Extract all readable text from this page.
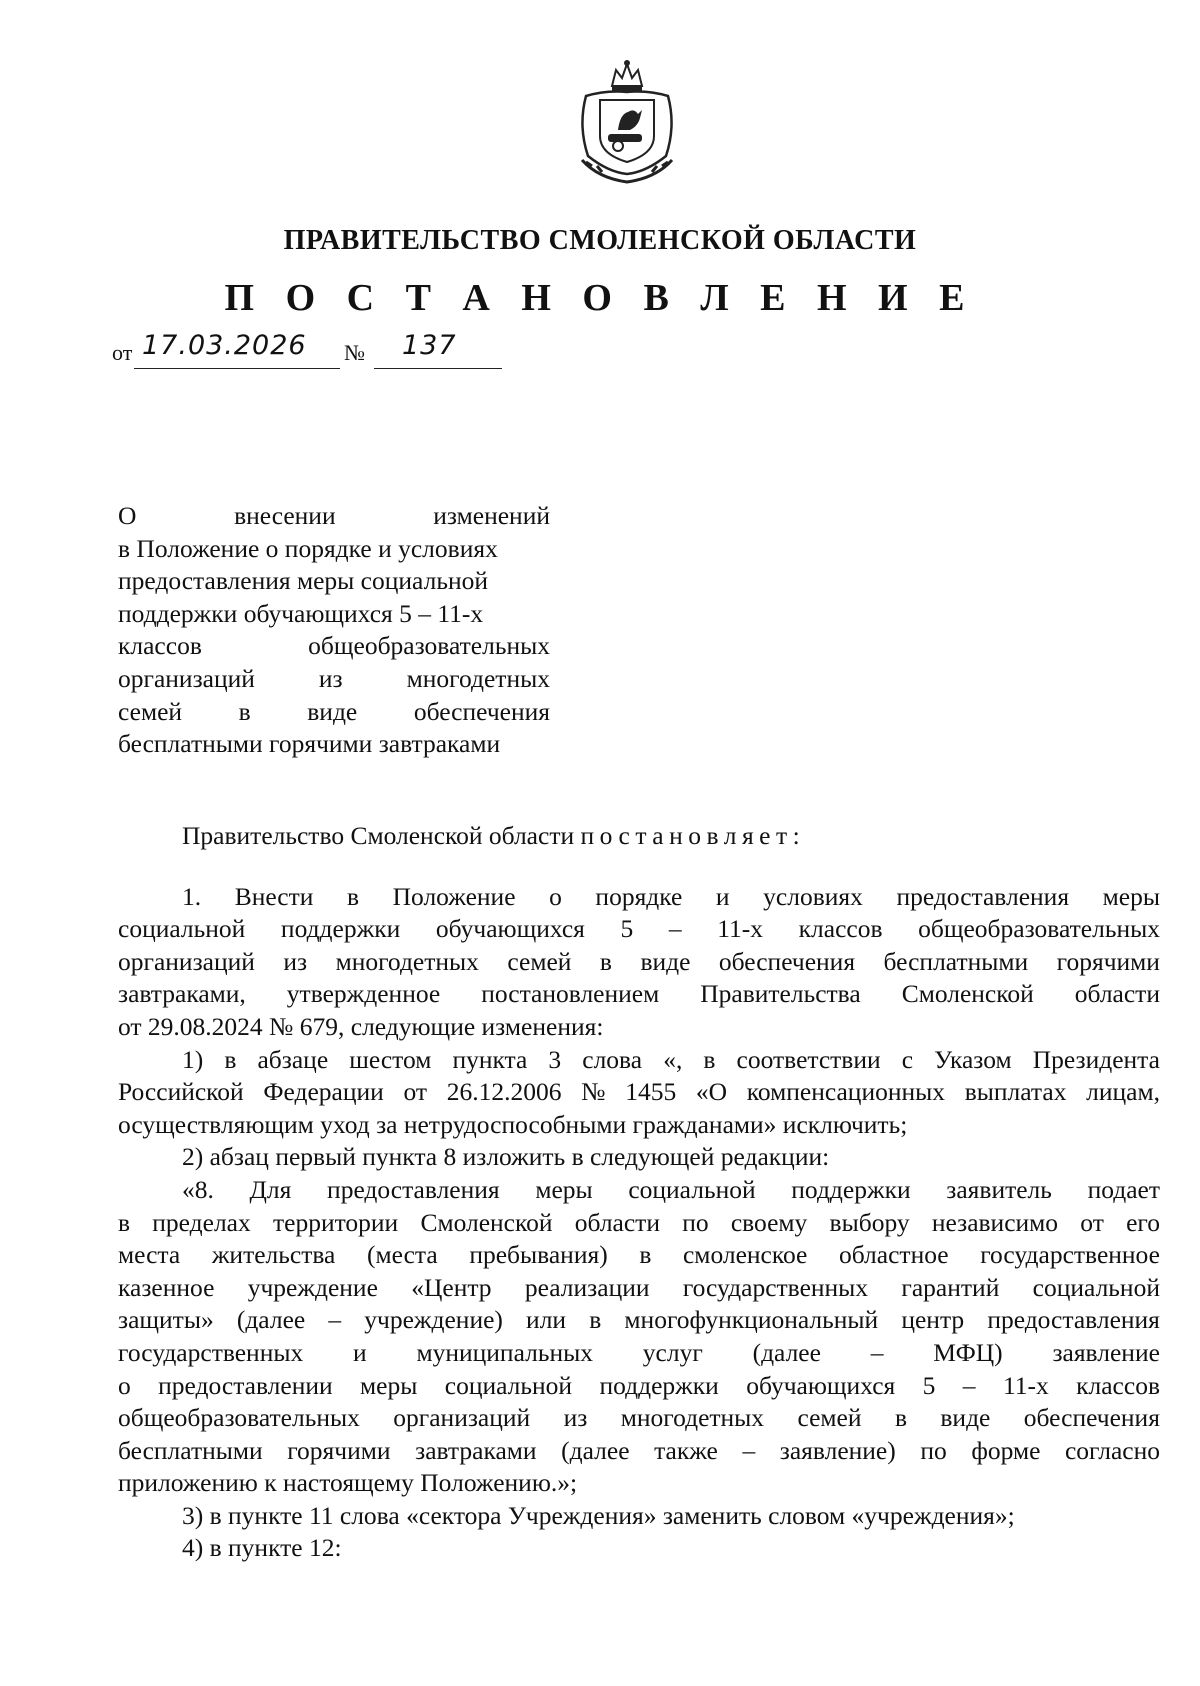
ПРАВИТЕЛЬСТВО СМОЛЕНСКОЙ ОБЛАСТИ
П О С Т А Н О В Л Е Н И Е
от 17.03.2026 № 137
О	внесении	изменений
в Положение о порядке и условиях
предоставления меры социальной
поддержки обучающихся 5 – 11-х
классов	общеобразовательных
организаций	из	многодетных
семей в виде обеспечения
бесплатными горячими завтраками
Правительство Смоленской области постановляет:
1. Внести в Положение о порядке и условиях предоставления меры
социальной поддержки обучающихся 5 – 11-х классов общеобразовательных
организаций из многодетных семей в виде обеспечения бесплатными горячими
завтраками, утвержденное постановлением Правительства Смоленской области
от 29.08.2024 № 679, следующие изменения:
1) в абзаце шестом пункта 3 слова «, в соответствии с Указом Президента
Российской Федерации от 26.12.2006 № 1455 «О компенсационных выплатах лицам,
осуществляющим уход за нетрудоспособными гражданами» исключить;
2) абзац первый пункта 8 изложить в следующей редакции:
«8. Для предоставления меры социальной поддержки заявитель подает
в пределах территории Смоленской области по своему выбору независимо от его
места жительства (места пребывания) в смоленское областное государственное
казенное учреждение «Центр реализации государственных гарантий социальной
защиты» (далее – учреждение) или в многофункциональный центр предоставления
государственных и муниципальных услуг (далее – МФЦ) заявление
о предоставлении меры социальной поддержки обучающихся 5 – 11-х классов
общеобразовательных организаций из многодетных семей в виде обеспечения
бесплатными горячими завтраками (далее также – заявление) по форме согласно
приложению к настоящему Положению.»;
3) в пункте 11 слова «сектора Учреждения» заменить словом «учреждения»;
4) в пункте 12:
